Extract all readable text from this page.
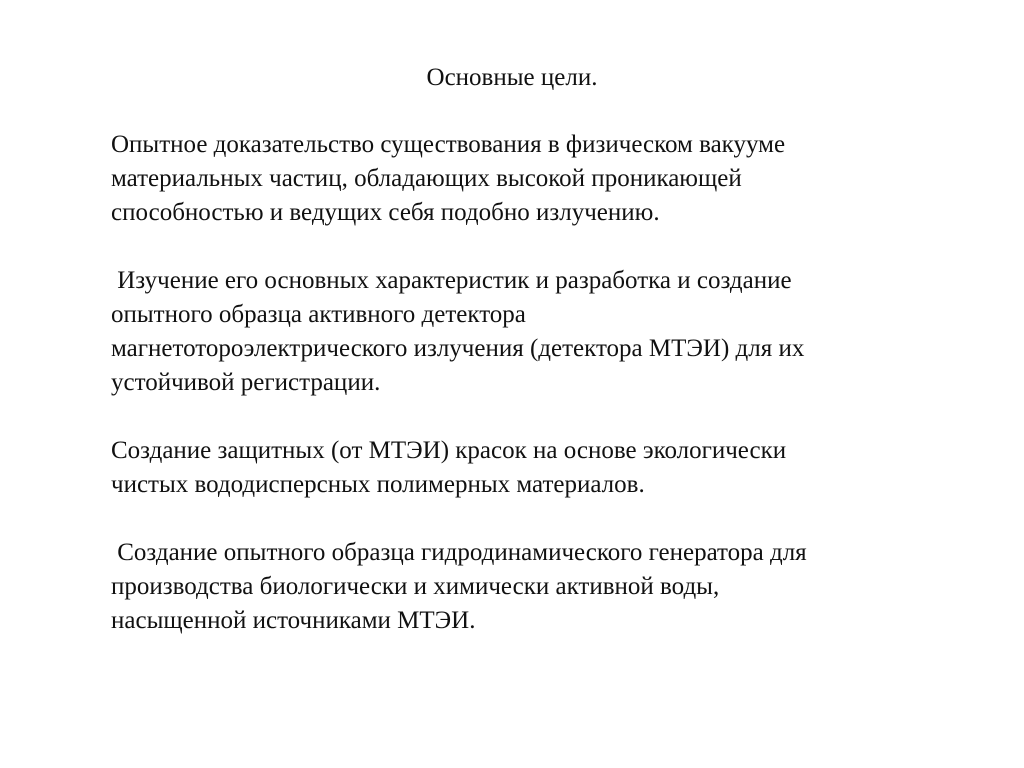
Основные цели.

Опытное доказательство существования в физическом вакууме

материальных частиц, обладающих высокой проникающей

способностью и ведущих себя подобно излучению.

Изучение его основных характеристик и разработка и создание

опытного образца активного детектора

магнетотороэлектрического излучения (детектора МТЭИ) для их

устойчивой регистрации.

Создание защитных (от МТЭИ) красок на основе экологически

чистых вододисперсных полимерных материалов.

Создание опытного образца гидродинамического генератора для

производства биологически и химически активной воды,

насыщенной источниками МТЭИ.
